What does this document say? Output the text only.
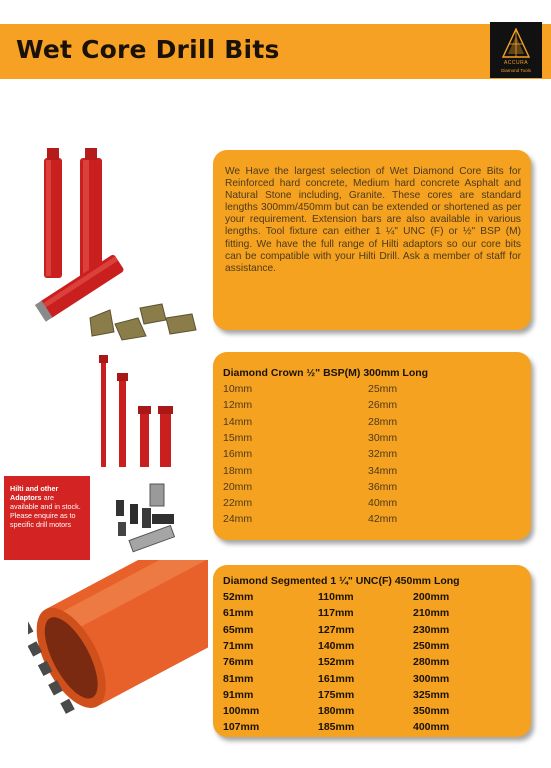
Wet Core Drill Bits	ACCURA
Diamond Tools

We Have the largest selection of Wet Diamond Core Bits for Reinforced hard concrete, Medium hard concrete Asphalt and Natural Stone including, Granite. These cores are standard lengths 300mm/450mm but can be extended or shortened as per your requirement. Extension bars are also available in various lengths. Tool fixture can either 1 ¼" UNC (F) or ½" BSP (M) fitting. We have the full range of Hilti adaptors so our core bits can be compatible with your Hilti Drill. Ask a member of staff for assistance.

Diamond Crown ½" BSP(M) 300mm Long
10mm
12mm
14mm
15mm
16mm
18mm
20mm
22mm
24mm
25mm
26mm
28mm
30mm
32mm
34mm
36mm
40mm
42mm
Hilti and other Adaptors are available and in stock.
Please enquire as to specific drill motors
Diamond Segmented 1 ¼" UNC(F) 450mm Long
52mm
61mm
65mm
71mm
76mm
81mm
91mm
100mm
107mm
110mm
117mm
127mm
140mm
152mm
161mm
175mm
180mm
185mm
200mm
210mm
230mm
250mm
280mm
300mm
325mm
350mm
400mm
